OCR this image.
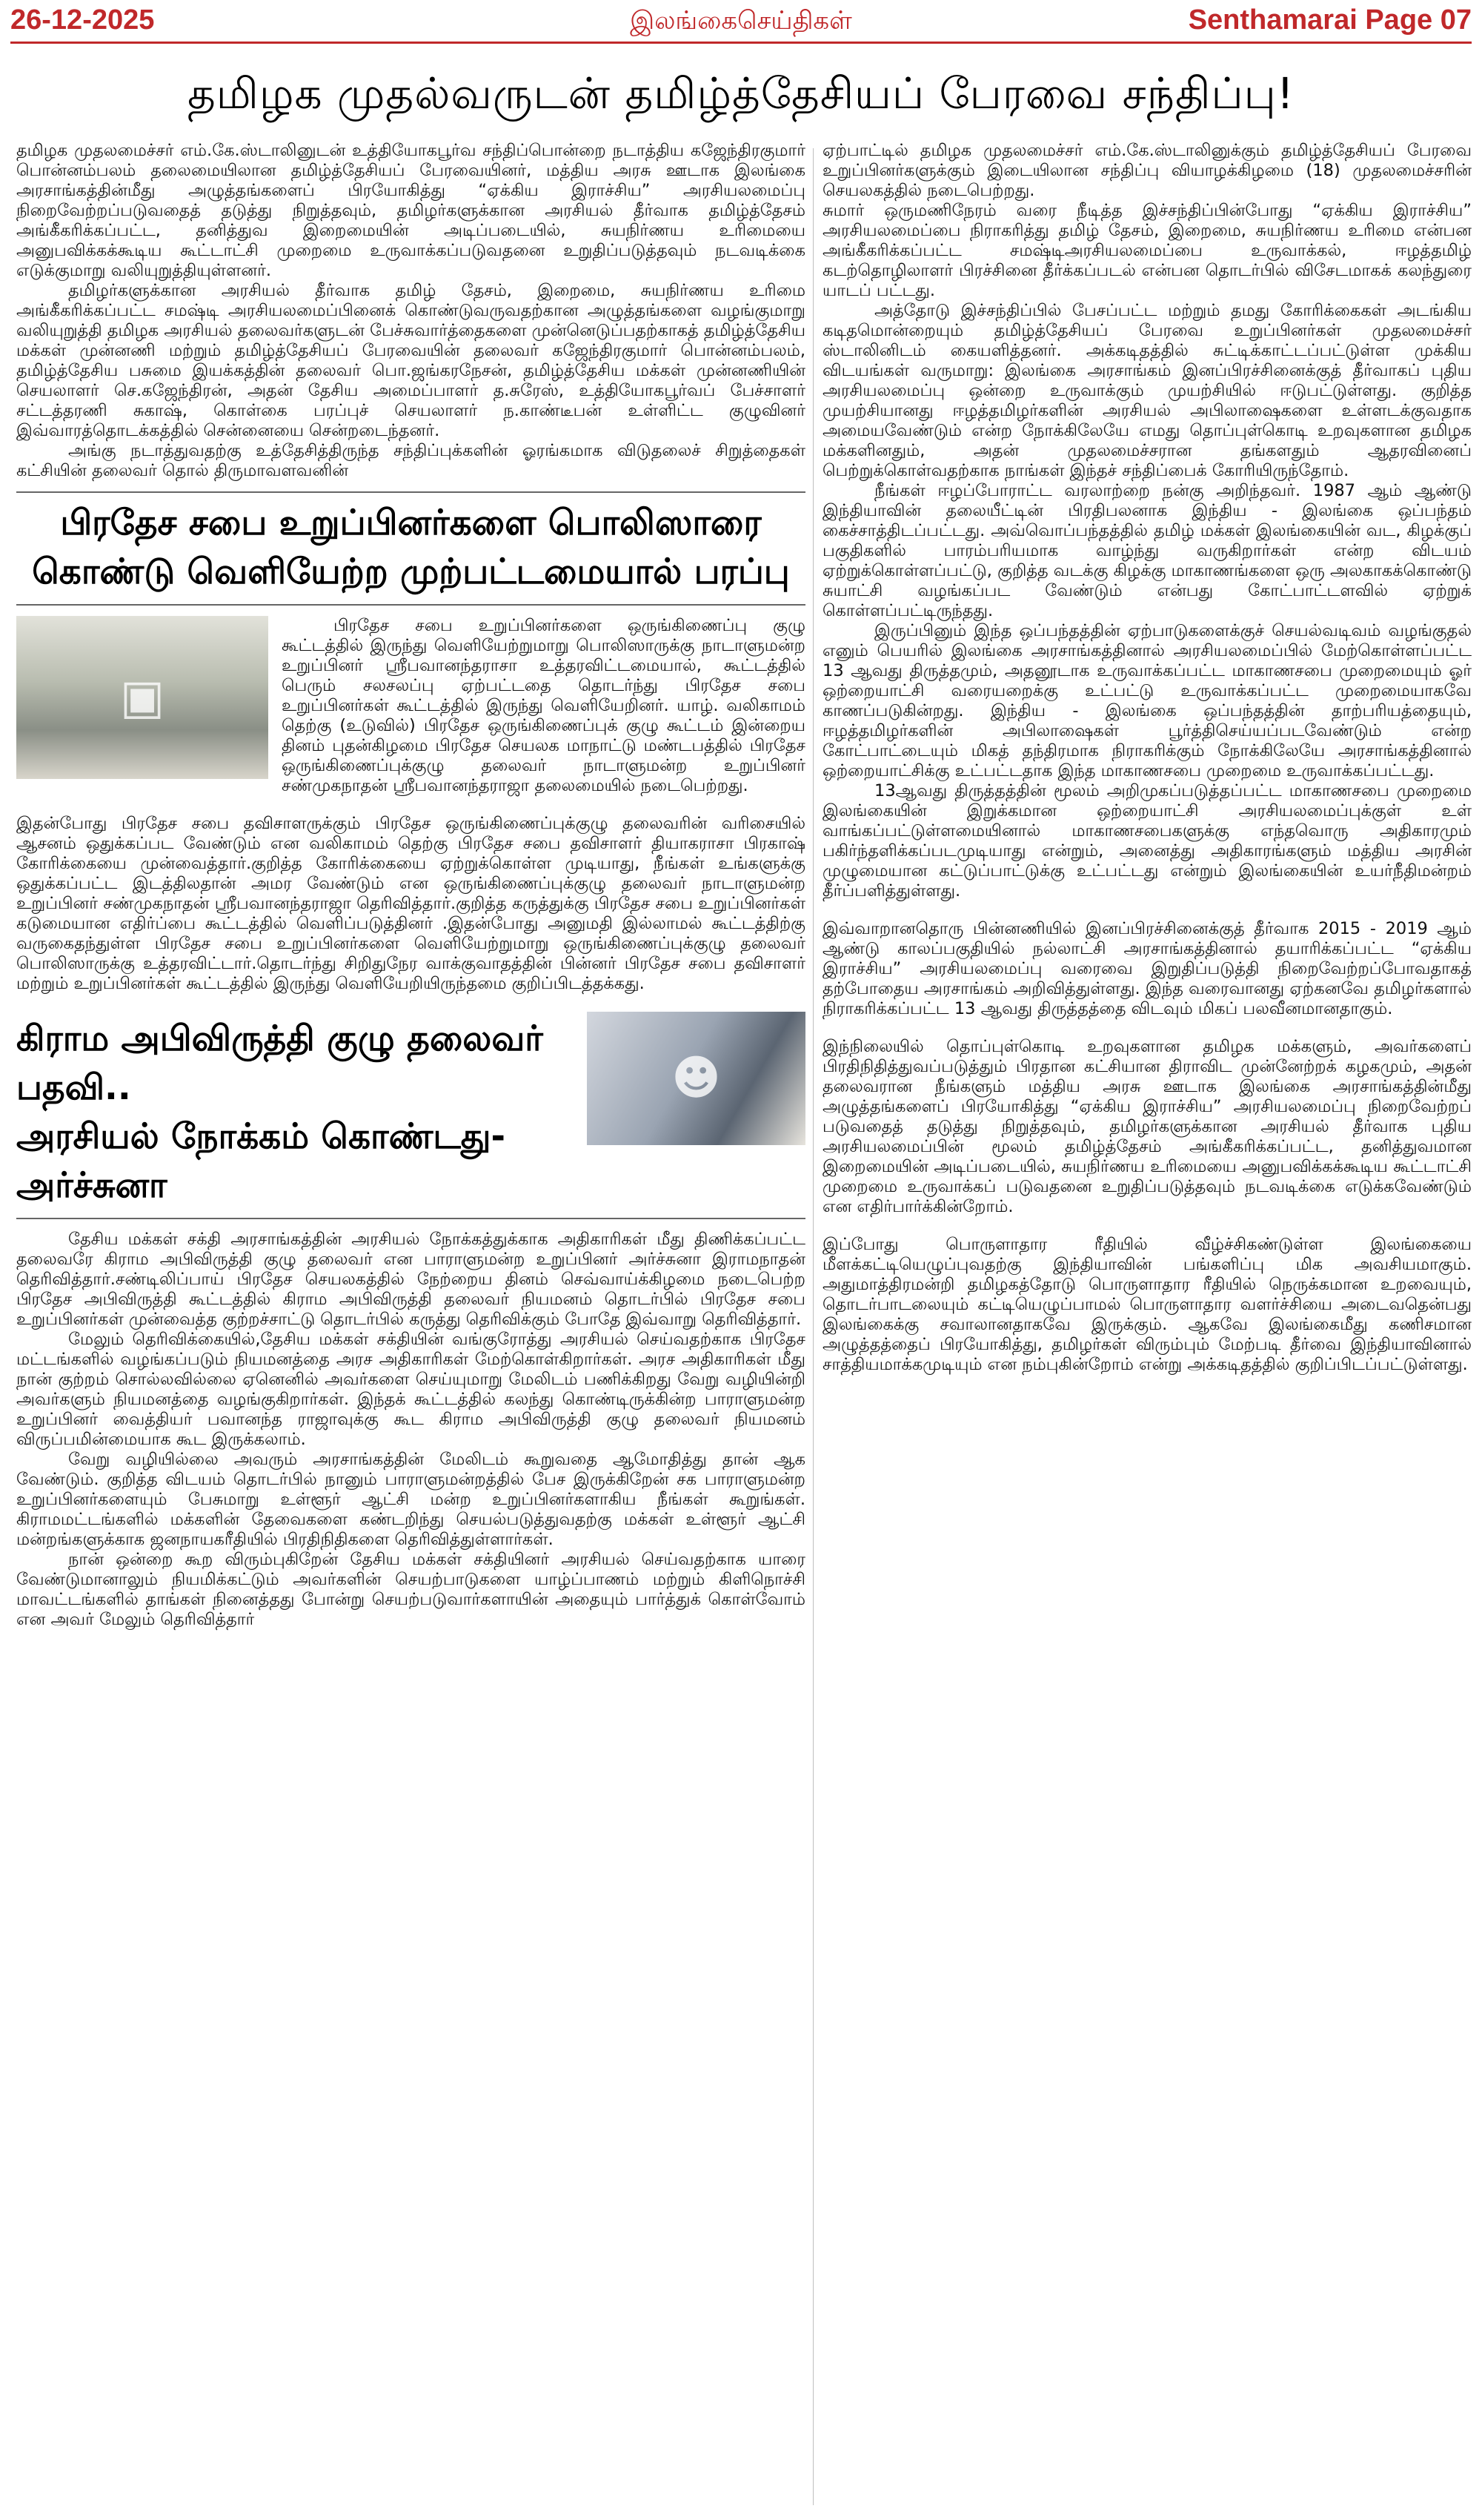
26-12-2025	இலங்கைசெய்திகள்	Senthamarai Page 07
தமிழக முதல்வருடன் தமிழ்த்தேசியப் பேரவை சந்திப்பு!

தமிழக முதலமைச்சர் எம்.கே.ஸ்டாலினுடன் உத்தியோகபூர்வ சந்திப்பொன்றை நடாத்திய கஜேந்திரகுமார் பொன்னம்பலம் தலைமையிலான தமிழ்த்தேசியப் பேரவையினர், மத்திய அரசு ஊடாக இலங்கை அரசாங்கத்தின்மீது அழுத்தங்களைப் பிரயோகித்து “ஏக்கிய இராச்சிய” அரசியலமைப்பு நிறைவேற்றப்படுவதைத் தடுத்து நிறுத்தவும், தமிழர்களுக்கான அரசியல் தீர்வாக தமிழ்த்தேசம் அங்கீகரிக்கப்பட்ட, தனித்துவ இறைமையின் அடிப்படையில், சுயநிர்ணய உரிமையை அனுபவிக்கக்கூடிய கூட்டாட்சி முறைமை உருவாக்கப்படுவதனை உறுதிப்படுத்தவும் நடவடிக்கை எடுக்குமாறு வலியுறுத்தியுள்ளனர்.

தமிழர்களுக்கான அரசியல் தீர்வாக தமிழ் தேசம், இறைமை, சுயநிர்ணய உரிமை அங்கீகரிக்கப்பட்ட சமஷ்டி அரசியலமைப்பினைக் கொண்டுவருவதற்கான அழுத்தங்களை வழங்குமாறு வலியுறுத்தி தமிழக அரசியல் தலைவர்களுடன் பேச்சுவார்த்தைகளை முன்னெடுப்பதற்காகத் தமிழ்த்தேசிய மக்கள் முன்னணி மற்றும் தமிழ்த்தேசியப் பேரவையின் தலைவர் கஜேந்திரகுமார் பொன்னம்பலம், தமிழ்த்தேசிய பசுமை இயக்கத்தின் தலைவர் பொ.ஜங்கரநேசன், தமிழ்த்தேசிய மக்கள் முன்னணியின் செயலாளர் செ.கஜேந்திரன், அதன் தேசிய அமைப்பாளர் த.சுரேஸ், உத்தியோகபூர்வப் பேச்சாளர் சட்டத்தரணி சுகாஷ், கொள்கை பரப்புச் செயலாளர் ந.காண்டீபன் உள்ளிட்ட குழுவினர் இவ்வாரத்தொடக்கத்தில் சென்னையை சென்றடைந்தனர்.

அங்கு நடாத்துவதற்கு உத்தேசித்திருந்த சந்திப்புக்களின் ஓரங்கமாக விடுதலைச் சிறுத்தைகள் கட்சியின் தலைவர் தொல் திருமாவளவனின்

பிரதேச சபை உறுப்பினர்களை பொலிஸாரை

கொண்டு வெளியேற்ற முற்பட்டமையால் பரப்பு

▣

பிரதேச சபை உறுப்பினர்களை ஒருங்கிணைப்பு குழு கூட்டத்தில் இருந்து வெளியேற்றுமாறு பொலிஸாருக்கு நாடாளுமன்ற உறுப்பினர் ஸ்ரீபவானந்தராசா உத்தரவிட்டமையால், கூட்டத்தில் பெரும் சலசலப்பு ஏற்பட்டதை தொடர்ந்து பிரதேச சபை உறுப்பினர்கள் கூட்டத்தில் இருந்து வெளியேறினர். யாழ். வலிகாமம் தெற்கு (உடுவில்) பிரதேச ஒருங்கிணைப்புக் குழு கூட்டம் இன்றைய தினம் புதன்கிழமை பிரதேச செயலக மாநாட்டு மண்டபத்தில் பிரதேச ஒருங்கிணைப்புக்குழு தலைவர் நாடாளுமன்ற உறுப்பினர் சண்முகநாதன் ஸ்ரீபவானந்தராஜா தலைமையில் நடைபெற்றது.

இதன்போது பிரதேச சபை தவிசாளருக்கும் பிரதேச ஒருங்கிணைப்புக்குழு தலைவரின் வரிசையில் ஆசனம் ஒதுக்கப்பட வேண்டும் என வலிகாமம் தெற்கு பிரதேச சபை தவிசாளர் தியாகராசா பிரகாஷ் கோரிக்கையை முன்வைத்தார்.குறித்த கோரிக்கையை ஏற்றுக்கொள்ள முடியாது, நீங்கள் உங்களுக்கு ஒதுக்கப்பட்ட இடத்திலதான் அமர வேண்டும் என ஒருங்கிணைப்புக்குழு தலைவர் நாடாளுமன்ற உறுப்பினர் சண்முகநாதன் ஸ்ரீபவானந்தராஜா தெரிவித்தார்.குறித்த கருத்துக்கு பிரதேச சபை உறுப்பினர்கள் கடுமையான எதிர்ப்பை கூட்டத்தில் வெளிப்படுத்தினர் .இதன்போது அனுமதி இல்லாமல் கூட்டத்திற்கு வருகைதந்துள்ள பிரதேச சபை உறுப்பினர்களை வெளியேற்றுமாறு ஒருங்கிணைப்புக்குழு தலைவர் பொலிஸாருக்கு உத்தரவிட்டார்.தொடர்ந்து சிறிதுநேர வாக்குவாதத்தின் பின்னர் பிரதேச சபை தவிசாளர் மற்றும் உறுப்பினர்கள் கூட்டத்தில் இருந்து வெளியேறியிருந்தமை குறிப்பிடத்தக்கது.

☻

கிராம அபிவிருத்தி குழு தலைவர் பதவி..

அரசியல் நோக்கம் கொண்டது-அர்ச்சுனா

தேசிய மக்கள் சக்தி அரசாங்கத்தின் அரசியல் நோக்கத்துக்காக அதிகாரிகள் மீது திணிக்கப்பட்ட தலைவரே கிராம அபிவிருத்தி குழு தலைவர் என பாராளுமன்ற உறுப்பினர் அர்ச்சுனா இராமநாதன் தெரிவித்தார்.சண்டிலிப்பாய் பிரதேச செயலகத்தில் நேற்றைய தினம் செவ்வாய்க்கிழமை நடைபெற்ற பிரதேச அபிவிருத்தி கூட்டத்தில் கிராம அபிவிருத்தி தலைவர் நியமனம் தொடர்பில் பிரதேச சபை உறுப்பினர்கள் முன்வைத்த குற்றச்சாட்டு தொடர்பில் கருத்து தெரிவிக்கும் போதே இவ்வாறு தெரிவித்தார்.

மேலும் தெரிவிக்கையில்,தேசிய மக்கள் சக்தியின் வங்குரோத்து அரசியல் செய்வதற்காக பிரதேச மட்டங்களில் வழங்கப்படும் நியமனத்தை அரச அதிகாரிகள் மேற்கொள்கிறார்கள். அரச அதிகாரிகள் மீது நான் குற்றம் சொல்லவில்லை ஏனெனில் அவர்களை செய்யுமாறு மேலிடம் பணிக்கிறது வேறு வழியின்றி அவர்களும் நியமனத்தை வழங்குகிறார்கள். இந்தக் கூட்டத்தில் கலந்து கொண்டிருக்கின்ற பாராளுமன்ற உறுப்பினர் வைத்தியர் பவானந்த ராஜாவுக்கு கூட கிராம அபிவிருத்தி குழு தலைவர் நியமனம் விருப்பமின்மையாக கூட இருக்கலாம்.

வேறு வழியில்லை அவரும் அரசாங்கத்தின் மேலிடம் கூறுவதை ஆமோதித்து தான் ஆக வேண்டும். குறித்த விடயம் தொடர்பில் நானும் பாராளுமன்றத்தில் பேச இருக்கிறேன் சக பாராளுமன்ற உறுப்பினர்களையும் பேசுமாறு உள்ளூர் ஆட்சி மன்ற உறுப்பினர்களாகிய நீங்கள் கூறுங்கள். கிராமமட்டங்களில் மக்களின் தேவைகளை கண்டறிந்து செயல்படுத்துவதற்கு மக்கள் உள்ளூர் ஆட்சி மன்றங்களுக்காக ஜனநாயகரீதியில் பிரதிநிதிகளை தெரிவித்துள்ளார்கள்.

நான் ஒன்றை கூற விரும்புகிறேன் தேசிய மக்கள் சக்தியினர் அரசியல் செய்வதற்காக யாரை வேண்டுமானாலும் நியமிக்கட்டும் அவர்களின் செயற்பாடுகளை யாழ்ப்பாணம் மற்றும் கிளிநொச்சி மாவட்டங்களில் தாங்கள் நினைத்தது போன்று செயற்படுவார்களாயின் அதையும் பார்த்துக் கொள்வோம் என அவர் மேலும் தெரிவித்தார்

ஏற்பாட்டில் தமிழக முதலமைச்சர் எம்.கே.ஸ்டாலினுக்கும் தமிழ்த்தேசியப் பேரவை உறுப்பினர்களுக்கும் இடையிலான சந்திப்பு வியாழக்கிழமை (18) முதலமைச்சரின் செயலகத்தில் நடைபெற்றது.

சுமார் ஒருமணிநேரம் வரை நீடித்த இச்சந்திப்பின்போது “ஏக்கிய இராச்சிய” அரசியலமைப்பை நிராகரித்து தமிழ் தேசம், இறைமை, சுயநிர்ணய உரிமை என்பன அங்கீகரிக்கப்பட்ட சமஷ்டிஅரசியலமைப்பை உருவாக்கல், ஈழத்தமிழ் கடற்தொழிலாளர் பிரச்சினை தீர்க்கப்படல் என்பன தொடர்பில் விசேடமாகக் கலந்துரை யாடப் பட்டது.

அத்தோடு இச்சந்திப்பில் பேசப்பட்ட மற்றும் தமது கோரிக்கைகள் அடங்கிய கடிதமொன்றையும் தமிழ்த்தேசியப் பேரவை உறுப்பினர்கள் முதலமைச்சர் ஸ்டாலினிடம் கையளித்தனர். அக்கடிதத்தில் சுட்டிக்காட்டப்பட்டுள்ள முக்கிய விடயங்கள் வருமாறு: இலங்கை அரசாங்கம் இனப்பிரச்சினைக்குத் தீர்வாகப் புதிய அரசியலமைப்பு ஒன்றை உருவாக்கும் முயற்சியில் ஈடுபட்டுள்ளது. குறித்த முயற்சியானது ஈழத்தமிழர்களின் அரசியல் அபிலாஷைகளை உள்ளடக்குவதாக அமையவேண்டும் என்ற நோக்கிலேயே எமது தொப்புள்கொடி உறவுகளான தமிழக மக்களினதும், அதன் முதலமைச்சரான தங்களதும் ஆதரவினைப் பெற்றுக்கொள்வதற்காக நாங்கள் இந்தச் சந்திப்பைக் கோரியிருந்தோம்.

நீங்கள் ஈழப்போராட்ட வரலாற்றை நன்கு அறிந்தவர். 1987 ஆம் ஆண்டு இந்தியாவின் தலையீட்டின் பிரதிபலனாக இந்திய - இலங்கை ஒப்பந்தம் கைச்சாத்திடப்பட்டது. அவ்வொப்பந்தத்தில் தமிழ் மக்கள் இலங்கையின் வட, கிழக்குப் பகுதிகளில் பாரம்பரியமாக வாழ்ந்து வருகிறார்கள் என்ற விடயம் ஏற்றுக்கொள்ளப்பட்டு, குறித்த வடக்கு கிழக்கு மாகாணங்களை ஒரு அலகாகக்கொண்டு சுயாட்சி வழங்கப்பட வேண்டும் என்பது கோட்பாட்டளவில் ஏற்றுக் கொள்ளப்பட்டிருந்தது.

இருப்பினும் இந்த ஒப்பந்தத்தின் ஏற்பாடுகளைக்குச் செயல்வடிவம் வழங்குதல் எனும் பெயரில் இலங்கை அரசாங்கத்தினால் அரசியலமைப்பில் மேற்கொள்ளப்பட்ட 13 ஆவது திருத்தமும், அதனூடாக உருவாக்கப்பட்ட மாகாணசபை முறைமையும் ஓர் ஒற்றையாட்சி வரையறைக்கு உட்பட்டு உருவாக்கப்பட்ட முறைமையாகவே காணப்படுகின்றது. இந்திய - இலங்கை ஒப்பந்தத்தின் தாற்பரியத்தையும், ஈழத்தமிழர்களின் அபிலாஷைகள் பூர்த்திசெய்யப்படவேண்டும் என்ற கோட்பாட்டையும் மிகத் தந்திரமாக நிராகரிக்கும் நோக்கிலேயே அரசாங்கத்தினால் ஒற்றையாட்சிக்கு உட்பட்டதாக இந்த மாகாணசபை முறைமை உருவாக்கப்பட்டது.

13ஆவது திருத்தத்தின் மூலம் அறிமுகப்படுத்தப்பட்ட மாகாணசபை முறைமை இலங்கையின் இறுக்கமான ஒற்றையாட்சி அரசியலமைப்புக்குள் உள் வாங்கப்பட்டுள்ளமையினால் மாகாணசபைகளுக்கு எந்தவொரு அதிகாரமும் பகிர்ந்தளிக்கப்படமுடியாது என்றும், அனைத்து அதிகாரங்களும் மத்திய அரசின் முழுமையான கட்டுப்பாட்டுக்கு உட்பட்டது என்றும் இலங்கையின் உயர்நீதிமன்றம் தீர்ப்பளித்துள்ளது.

இவ்வாறானதொரு பின்னணியில் இனப்பிரச்சினைக்குத் தீர்வாக 2015 - 2019 ஆம் ஆண்டு காலப்பகுதியில் நல்லாட்சி அரசாங்கத்தினால் தயாரிக்கப்பட்ட “ஏக்கிய இராச்சிய” அரசியலமைப்பு வரைவை இறுதிப்படுத்தி நிறைவேற்றப்போவதாகத் தற்போதைய அரசாங்கம் அறிவித்துள்ளது. இந்த வரைவானது ஏற்கனவே தமிழர்களால் நிராகரிக்கப்பட்ட 13 ஆவது திருத்தத்தை விடவும் மிகப் பலவீனமானதாகும்.

இந்நிலையில் தொப்புள்கொடி உறவுகளான தமிழக மக்களும், அவர்களைப் பிரதிநிதித்துவப்படுத்தும் பிரதான கட்சியான திராவிட முன்னேற்றக் கழகமும், அதன் தலைவரான நீங்களும் மத்திய அரசு ஊடாக இலங்கை அரசாங்கத்தின்மீது அழுத்தங்களைப் பிரயோகித்து “ஏக்கிய இராச்சிய” அரசியலமைப்பு நிறைவேற்றப் படுவதைத் தடுத்து நிறுத்தவும், தமிழர்களுக்கான அரசியல் தீர்வாக புதிய அரசியலமைப்பின் மூலம் தமிழ்த்தேசம் அங்கீகரிக்கப்பட்ட, தனித்துவமான இறைமையின் அடிப்படையில், சுயநிர்ணய உரிமையை அனுபவிக்கக்கூடிய கூட்டாட்சி முறைமை உருவாக்கப் படுவதனை உறுதிப்படுத்தவும் நடவடிக்கை எடுக்கவேண்டும் என எதிர்பார்க்கின்றோம்.

இப்போது பொருளாதார ரீதியில் வீழ்ச்சிகண்டுள்ள இலங்கையை மீளக்கட்டியெழுப்புவதற்கு இந்தியாவின் பங்களிப்பு மிக அவசியமாகும். அதுமாத்திரமன்றி தமிழகத்தோடு பொருளாதார ரீதியில் நெருக்கமான உறவையும், தொடர்பாடலையும் கட்டியெழுப்பாமல் பொருளாதார வளர்ச்சியை அடைவதென்பது இலங்கைக்கு சவாலானதாகவே இருக்கும். ஆகவே இலங்கைமீது கணிசமான அழுத்தத்தைப் பிரயோகித்து, தமிழர்கள் விரும்பும் மேற்படி தீர்வை இந்தியாவினால் சாத்தியமாக்கமுடியும் என நம்புகின்றோம் என்று அக்கடிதத்தில் குறிப்பிடப்பட்டுள்ளது.
